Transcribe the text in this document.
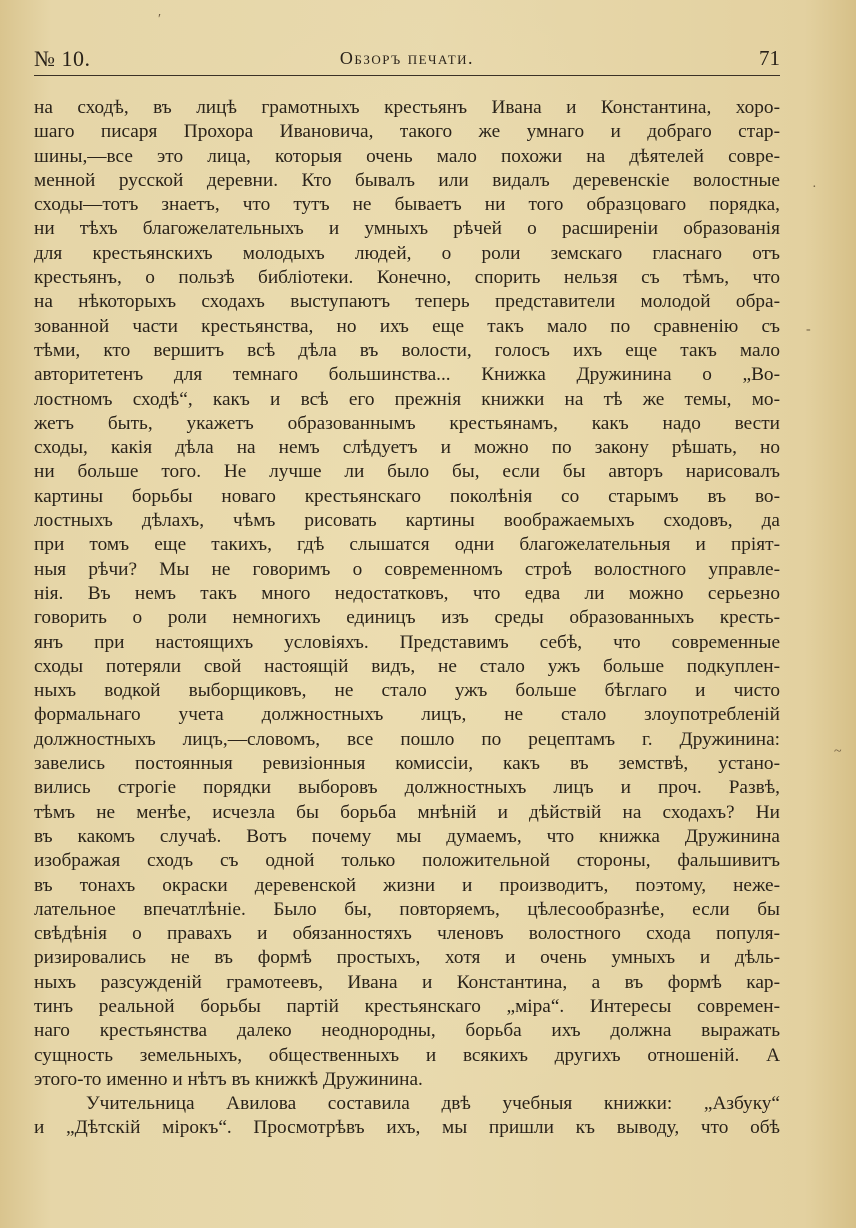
№ 10.	Обзоръ печати.	71
на сходѣ, въ лицѣ грамотныхъ крестьянъ Ивана и Константина, хоро-
шаго писаря Прохора Ивановича, такого же умнаго и добраго стар-
шины,—все это лица, которыя очень мало похожи на дѣятелей совре-
менной русской деревни. Кто бывалъ или видалъ деревенскіе волостные
сходы—тотъ знаетъ, что тутъ не бываетъ ни того образцоваго порядка,
ни тѣхъ благожелательныхъ и умныхъ рѣчей о расширеніи образованія
для крестьянскихъ молодыхъ людей, о роли земскаго гласнаго отъ
крестьянъ, о пользѣ библіотеки. Конечно, спорить нельзя съ тѣмъ, что
на нѣкоторыхъ сходахъ выступаютъ теперь представители молодой обра-
зованной части крестьянства, но ихъ еще такъ мало по сравненію съ
тѣми, кто вершитъ всѣ дѣла въ волости, голосъ ихъ еще такъ мало
авторитетенъ для темнаго большинства... Книжка Дружинина о „Во-
лостномъ сходѣ“, какъ и всѣ его прежнія книжки на тѣ же темы, мо-
жетъ быть, укажетъ образованнымъ крестьянамъ, какъ надо вести
сходы, какія дѣла на немъ слѣдуетъ и можно по закону рѣшать, но
ни больше того. Не лучше ли было бы, если бы авторъ нарисовалъ
картины борьбы новаго крестьянскаго поколѣнія со старымъ въ во-
лостныхъ дѣлахъ, чѣмъ рисовать картины воображаемыхъ сходовъ, да
при томъ еще такихъ, гдѣ слышатся одни благожелательныя и пріят-
ныя рѣчи? Мы не говоримъ о современномъ строѣ волостного управле-
нія. Въ немъ такъ много недостатковъ, что едва ли можно серьезно
говорить о роли немногихъ единицъ изъ среды образованныхъ кресть-
янъ при настоящихъ условіяхъ. Представимъ себѣ, что современные
сходы потеряли свой настоящій видъ, не стало ужъ больше подкуплен-
ныхъ водкой выборщиковъ, не стало ужъ больше бѣглаго и чисто
формальнаго учета должностныхъ лицъ, не стало злоупотребленій
должностныхъ лицъ,—словомъ, все пошло по рецептамъ г. Дружинина:
завелись постоянныя ревизіонныя комиссіи, какъ въ земствѣ, устано-
вились строгіе порядки выборовъ должностныхъ лицъ и проч. Развѣ,
тѣмъ не менѣе, исчезла бы борьба мнѣній и дѣйствій на сходахъ? Ни
въ какомъ случаѣ. Вотъ почему мы думаемъ, что книжка Дружинина
изображая сходъ съ одной только положительной стороны, фальшивитъ
въ тонахъ окраски деревенской жизни и производитъ, поэтому, неже-
лательное впечатлѣніе. Было бы, повторяемъ, цѣлесообразнѣе, если бы
свѣдѣнія о правахъ и обязанностяхъ членовъ волостного схода популя-
ризировались не въ формѣ простыхъ, хотя и очень умныхъ и дѣль-
ныхъ разсужденій грамотеевъ, Ивана и Константина, а въ формѣ кар-
тинъ реальной борьбы партій крестьянскаго „міра“. Интересы современ-
наго крестьянства далеко неоднородны, борьба ихъ должна выражать
сущность земельныхъ, общественныхъ и всякихъ другихъ отношеній. А
этого-то именно и нѣтъ въ книжкѣ Дружинина.
Учительница Авилова составила двѣ учебныя книжки: „Азбуку“
и „Дѣтскій мірокъ“. Просмотрѣвъ ихъ, мы пришли къ выводу, что обѣ
′
·
-
~
